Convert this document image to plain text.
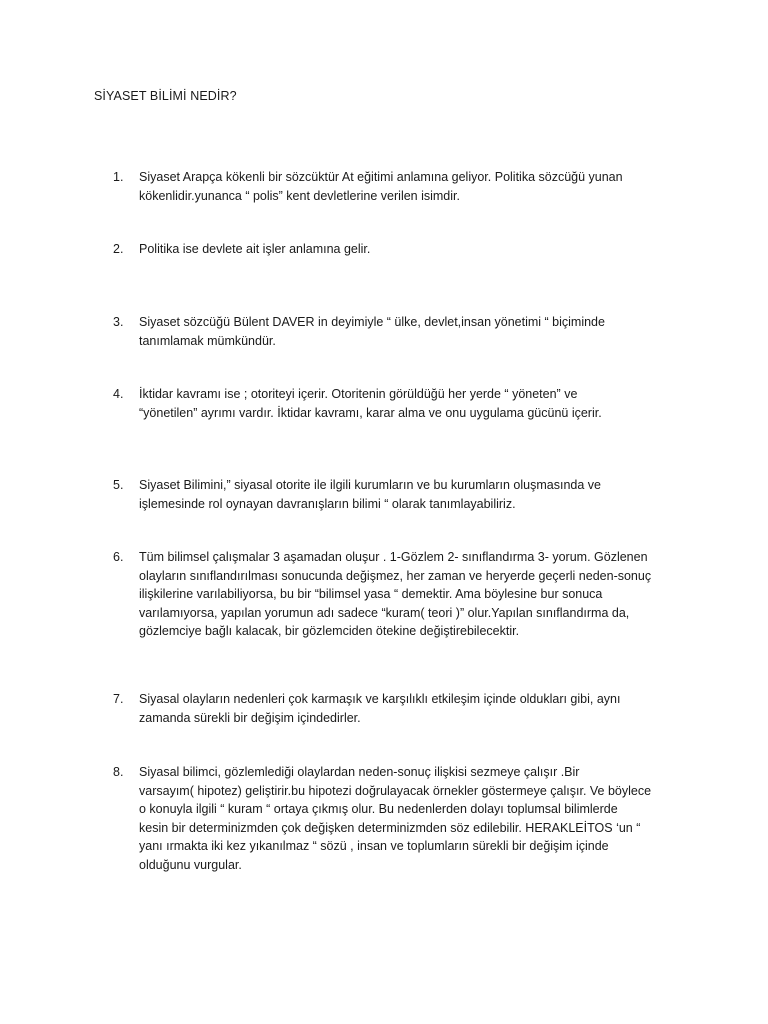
SİYASET BİLİMİ NEDİR?
1.	Siyaset Arapça kökenli bir sözcüktür At eğitimi anlamına geliyor. Politika sözcüğü yunan
kökenlidir.yunanca “ polis” kent devletlerine verilen isimdir.
2.	Politika ise devlete ait işler anlamına gelir.
3.	Siyaset sözcüğü Bülent DAVER in deyimiyle “ ülke, devlet,insan yönetimi “ biçiminde
tanımlamak mümkündür.
4.	İktidar kavramı ise ; otoriteyi içerir. Otoritenin görüldüğü her yerde “ yöneten” ve
“yönetilen” ayrımı vardır. İktidar kavramı, karar alma ve onu uygulama gücünü içerir.
5.	Siyaset Bilimini,” siyasal otorite ile ilgili kurumların ve bu kurumların oluşmasında ve
işlemesinde rol oynayan davranışların bilimi “ olarak tanımlayabiliriz.
6.	Tüm bilimsel çalışmalar 3 aşamadan oluşur . 1-Gözlem 2- sınıflandırma 3- yorum. Gözlenen
olayların sınıflandırılması sonucunda değişmez, her zaman ve heryerde geçerli neden-sonuç
ilişkilerine varılabiliyorsa, bu bir “bilimsel yasa “ demektir. Ama böylesine bur sonuca
varılamıyorsa, yapılan yorumun adı sadece “kuram( teori )” olur.Yapılan sınıflandırma da,
gözlemciye bağlı kalacak, bir gözlemciden ötekine değiştirebilecektir.
7.	Siyasal olayların nedenleri çok karmaşık ve karşılıklı etkileşim içinde oldukları gibi, aynı
zamanda sürekli bir değişim içindedirler.
8.	Siyasal bilimci, gözlemlediği olaylardan neden-sonuç ilişkisi sezmeye çalışır .Bir
varsayım( hipotez) geliştirir.bu hipotezi doğrulayacak örnekler göstermeye çalışır. Ve böylece
o konuyla ilgili “ kuram “ ortaya çıkmış olur. Bu nedenlerden dolayı toplumsal bilimlerde
kesin bir determinizmden çok değişken determinizmden söz edilebilir. HERAKLEİTOS ‘un “
yanı ırmakta iki kez yıkanılmaz “ sözü , insan ve toplumların sürekli bir değişim içinde
olduğunu vurgular.
